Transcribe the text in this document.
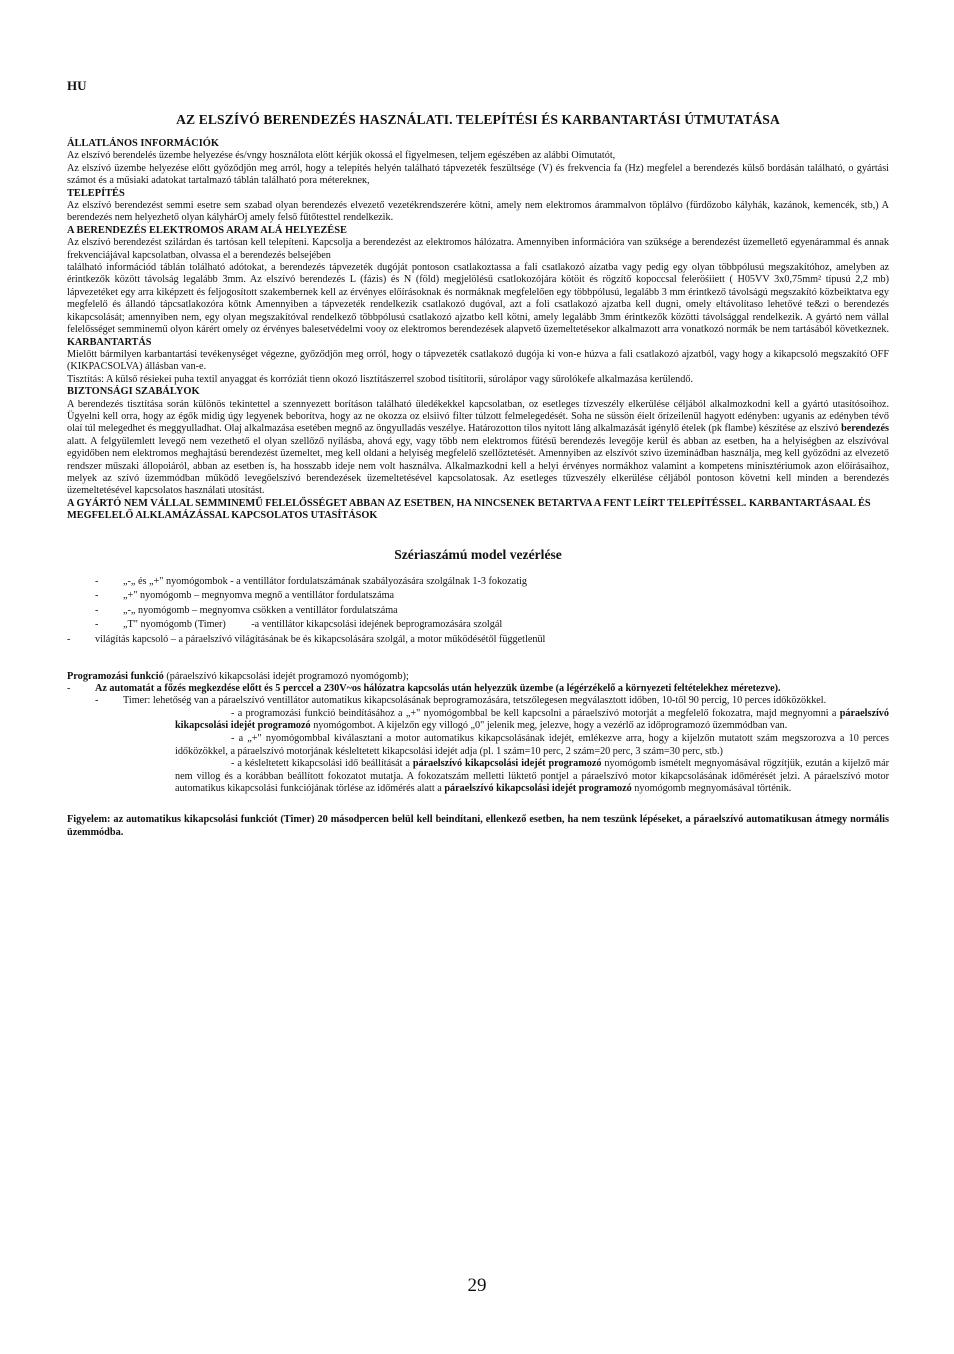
HU
AZ ELSZÍVÓ BERENDEZÉS HASZNÁLATI. TELEPÍTÉSI ÉS KARBANTARTÁSI ÚTMUTATÁSA
ÁLLATLÁNOS INFORMÁCIÓK

Az elszívó berendelés üzembe helyezése és/vngy hosználota elött kérjük okossá el figyelmesen, teljem egészében az alábbi Oimutatót,

Az elszívó üzembe helyezése előtt győződjön meg arról, hogy a telepítés helyén található tápvezeték feszültsége (V) és frekvencia fa (Hz) megfelel a berendezés külső bordásán található, o gyártási számot és a műsiaki adatokat tartalmazó táblán található pora méterekneк,

TELEPÍTÉS

Az elszívó berendezést semmi esetre sem szabad olyan berendezés elvezető vezetékrendszerére kötni, amely nem elektromos árammalvon töplálvo (fürdőzobo kályhák, kazánok, kemencék, stb,) A berendezés nem helyezhető olyan kályhárOj amely felső fűtőtesttel rendelkezik.

A BERENDEZÉS ELEKTROMOS ARAM ALÁ HELYEZÉSE

Az elszívó berendezést szilárdan és tartósan kell telepíteni. Kapcsolja a berendezést az elektromos hálózatra. Amennyiben információra van szüksége a berendezést üzemellető egyenárammal és annak frekvenciájával kapcsolatban, olvassa el a berendezés belsejében

található információd táblán tolálható adótokat, a berendezés tápvezeték dugóját pontoson csatlakoztassa a fali csatlakozó aízatba vagy pedig egy olyan többpólusú megszakítóhoz, amelyben az érintkezők között távolság legalább 3mm. Az elszívó berendezés L (fázis) és N (föld) megjelölésű csatlokozójára kötöit és rögzítő kopoccsal feleröśiiett ( H05VV 3x0,75mm² típusú 2,2 mb) lápvezetéket egy arra kiképzett és feljogosított szakembernek kell az érvényes előírásoknak és normáknak megfelelően egy többpólusú, legalább 3 mm érintkező távolságú megszakító közbeiktatva egy megfelelő és állandó tápcsatlakozóra kőtnk Amennyiben a tápvezeték rendelkezik csatlakozó dugóval, azt a foli csatlakozó ajzatba kell dugni, omely eltávolítaso lehetővé te&zi o berendezés kikapcsolását; amennyiben nem, egy olyan megszakítóval rendelkező többpólusú csatlakozó ajzatbo kell kötni, amely legalább 3mm érintkezők közötti távolsággal rendelkezik. A gyártó nem vállal felelősséget semminemű olyon kárért omely oz érvényes balesetvédelmi vooy oz elektromos berendezések alapvető üzemeltetésekor alkalmazott arra vonatkozó normák be nem tartásából következnek. KARBANTARTÁS

Mielőtt bármilyen karbantartási tevékenységet végezne, győződjön meg orról, hogy o tápvezeték csatlakozó dugója ki von-e húzva a fali csatlakozó ajzatból, vagy hogy a kikapcsoló megszakító OFF (KIKPACSOLVA) állásban van-e.

Tisztítás: A külső résiekei puha textil anyaggat és korróziát tienn okozó lisztítászerrel szobod tisítitorii, súrolápor vagy sűrolókefe alkalmazása kerülendő.

BIZTONSÁGI SZABÁLYOK

A berendezés tisztítása során különös tekintettel a szennyezett borításon található üledékekkel kapcsolatban, oz esetleges tízveszély elkerülése céljából alkalmozkodni kell a gyártó utasítósoihoz. Ügyelni kell orra, hogy az égők midig úgy legyenek beborítva, hogy az ne okozza oz elsiivó filter túlzott felmelegedését. Soha ne süssön éielt őrízeilenül hagyott edényben: ugyanis az edényben tévő olaí túl melegedhet és meggyulladhat. Olaj alkalmazása esetében megnő az öngyulladás veszélye. Határozotton tilos nyitott láng alkalmazását igénylő ételek (pk flambe) készítése az elszívó berendezés alatt. A felgyülemlett levegő nem vezethető el olyan szellőző nyílásba, ahová egy, vagy több nem elektromos fűtésű berendezés levegője kerül és abban az esetben, ha a helyiségben az elszívóval egyidőben nem elektromos meghajtású berendezést üzemeltet, meg kell oldani a helyiség megfelelő szellőztetését. Amennyiben az elszívót szivo üzemináđban használja, meg kell győződni az elvezető rendszer műszaki állopoiáról, abban az esetben ís, ha hosszabb ideje nem volt használva. Alkalmazkodni kell a helyi érvényes normákhoz valamint a kompetens minisztériumok azon előírásaihoz, melyek az szívó üzemmódban működő levegőelszívó berendezések üzemeltetésével kapcsolatosak. Az esetleges tűzveszély elkerülése céljából pontoson követni kell minden a berendezés üzemeltetésével kapcsolatos használati utosítást.

A GYÁRTÓ NEM VÁLLAL SEMMINEMŰ FELELŐSSÉGET ABBAN AZ ESETBEN, HA NINCSENEK BETARTVA A FENT LEÍRT TELEPÍTÉSSEL. KARBANTARTÁSAAL ÉS MEGFELELŐ ALKLAMÁZÁSSAL KAPCSOLATOS UTASÍTÁSOK

Szériaszámú model vezérlése
-	„-„ és „+" nyomógombok - a ventillátor fordulatszámának szabályozására szolgálnak 1-3 fokozatig
-	„+" nyomógomb – megnyomva megnő a ventillátor fordulatszáma
-	„-„ nyomógomb – megnyomva csökken a ventillátor fordulatszáma
-	„T" nyomógomb (Timer)          -a ventillátor kikapcsolási idejének beprogramozására szolgál
-	világítás kapcsoló – a páraelszívó világításának be és kikapcsolására szolgál, a motor működésétől függetlenül
Programozási funkció (páraelszívó kikapcsolási idejét programozó nyomógomb);
-	Az automatát a főzés megkezdése előtt és 5 perccel a 230V~os hálózatra kapcsolás után helyezzük üzembe (a légérzékelő a környezeti feltételekhez méretezve).
-	Timer: lehetőség van a páraelszívó ventillátor automatikus kikapcsolásának beprogramozására, tetszőlegesen megválasztott időben, 10-től 90 percig, 10 perces időközökkel.
- a programozási funkció beindításához a „+" nyomógombbal be kell kapcsolni a páraelszívó motorját a megfelelő fokozatra, majd megnyomni a páraelszívó kikapcsolási idejét programozó nyomógombot. A kijelzőn egy villogó „0" jelenik meg, jelezve, hogy a vezérlő az időprogramozó üzemmódban van.
- a „+" nyomógombbal kiválasztani a motor automatikus kikapcsolásának idejét, emlékezve arra, hogy a kijelzőn mutatott szám megszorozva a 10 perces időközökkel, a páraelszívó motorjának késleltetett kikapcsolási idejét adja (pl. 1 szám=10 perc, 2 szám=20 perc, 3 szám=30 perc, stb.)
- a késleltetett kikapcsolási idő beállítását a páraelszívó kikapcsolási idejét programozó nyomógomb ismételt megnyomásával rögzítjük, ezután a kijelző már nem villog és a korábban beállított fokozatot mutatja. A fokozatszám melletti lüktető pontjel a páraelszívó motor kikapcsolásának időmérését jelzi. A páraelszívó motor automatikus kikapcsolási funkciójának törlése az időmérés alatt a páraelszívó kikapcsolási idejét programozó nyomógomb megnyomásával történik.
Figyelem: az automatikus kikapcsolási funkciót (Timer) 20 másodpercen belül kell beindítani, ellenkező esetben, ha nem teszünk lépéseket, a páraelszívó automatikusan átmegy normális üzemmódba.
29
